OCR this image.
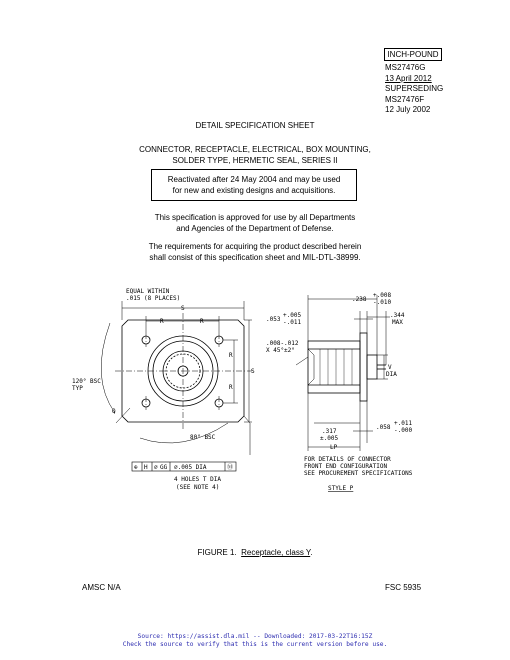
INCH-POUND
MS27476G
13 April 2012
SUPERSEDING
MS27476F
12 July 2002
DETAIL SPECIFICATION SHEET
CONNECTOR, RECEPTACLE, ELECTRICAL, BOX MOUNTING,
SOLDER TYPE, HERMETIC SEAL, SERIES II
Reactivated after 24 May 2004 and may be used
for new and existing designs and acquisitions.
This specification is approved for use by all Departments
and Agencies of the Department of Defense.
The requirements for acquiring the product described herein
shall consist of this specification sheet and MIL-DTL-38999.
EQUAL WITHIN
.015 (8 PLACES)
S
R	R
R
R
S
120° BSC
TYP
Q
80° BSC
⊕ H ⌀ GG ⌀.005 DIA	Ⓜ
4 HOLES T DIA
(SEE NOTE 4)
.238
+.008
-.010
.053
+.005
-.011
.344
MAX
.008-.012
X 45°±2°
V
DIA
.317
±.005
.058
+.011
-.000
LP
FOR DETAILS OF CONNECTOR
FRONT END CONFIGURATION
SEE PROCUREMENT SPECIFICATIONS
STYLE P
FIGURE 1. Receptacle, class Y.
AMSC N/A	FSC 5935
Source: https://assist.dla.mil -- Downloaded: 2017-03-22T16:15Z
Check the source to verify that this is the current version before use.
